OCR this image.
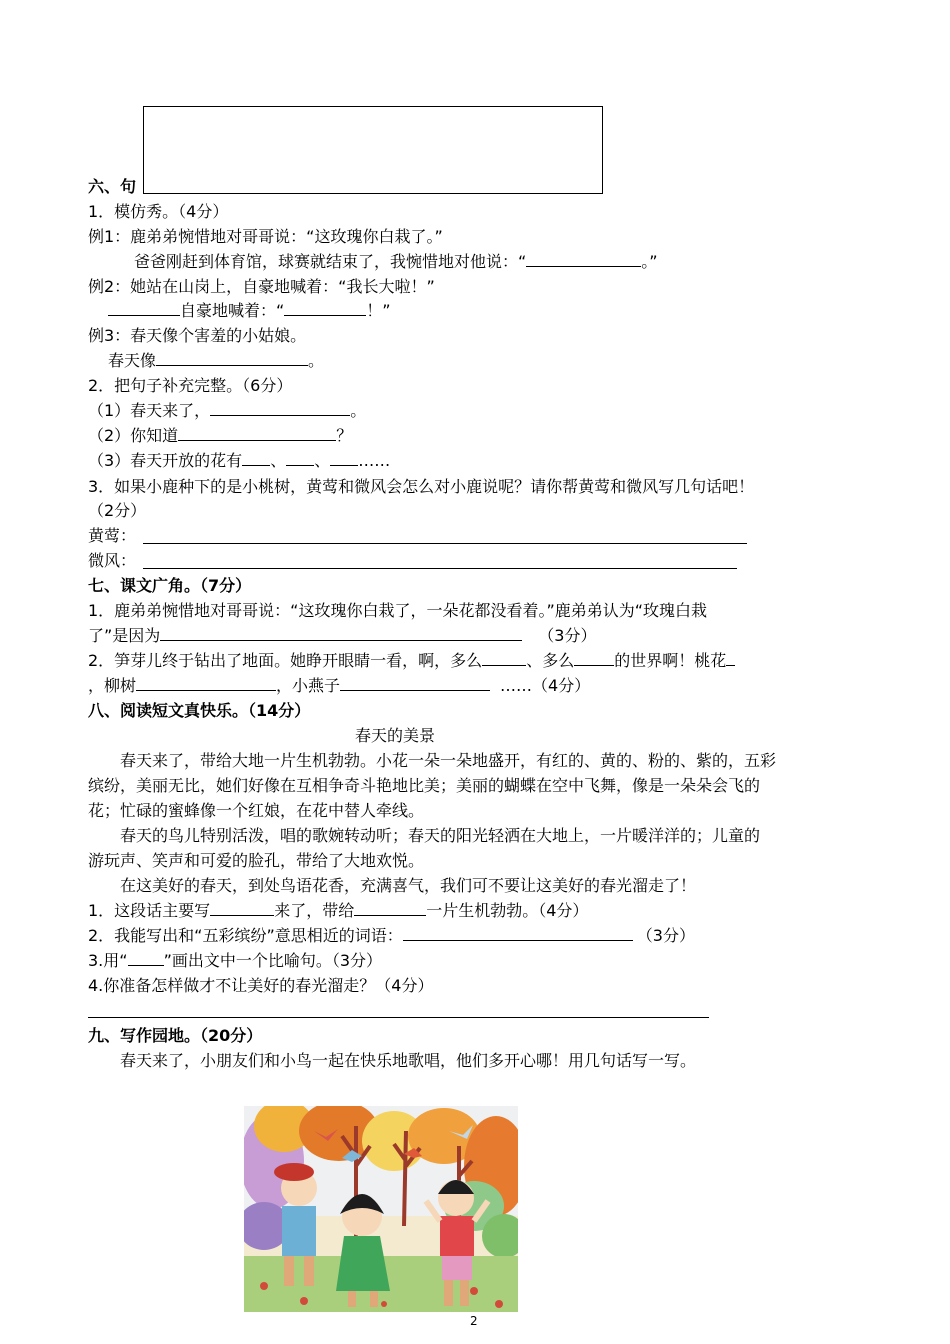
六、句
1．模仿秀。（4分）
例1：鹿弟弟惋惜地对哥哥说：“这玫瑰你白栽了。”
爸爸刚赶到体育馆，球赛就结束了，我惋惜地对他说：“	。”
例2：她站在山岗上，自豪地喊着：“我长大啦！”
自豪地喊着：“	！”
例3：春天像个害羞的小姑娘。
春天像	。
2．把句子补充完整。（6分）
（1）春天来了，	。
（2）你知道	？
（3）春天开放的花有 、 、 ……
3．如果小鹿种下的是小桃树，黄莺和微风会怎么对小鹿说呢？请你帮黄莺和微风写几句话吧！
（2分）
黄莺：
微风：
七、课文广角。（7分）
1．鹿弟弟惋惜地对哥哥说：“这玫瑰你白栽了，一朵花都没看着。”鹿弟弟认为“玫瑰白栽
了”是因为	（3分）
2．笋芽儿终于钻出了地面。她睁开眼睛一看，啊，多么	、多么	的世界啊！桃花
，柳树	，小燕子	……（4分）
八、阅读短文真快乐。（14分）
春天的美景
春天来了，带给大地一片生机勃勃。小花一朵一朵地盛开，有红的、黄的、粉的、紫的，五彩
缤纷，美丽无比，她们好像在互相争奇斗艳地比美；美丽的蝴蝶在空中飞舞，像是一朵朵会飞的
花；忙碌的蜜蜂像一个红娘，在花中替人牵线。
春天的鸟儿特别活泼，唱的歌婉转动听；春天的阳光轻洒在大地上，一片暖洋洋的；儿童的
游玩声、笑声和可爱的脸孔，带给了大地欢悦。
在这美好的春天，到处鸟语花香，充满喜气，我们可不要让这美好的春光溜走了！
1．这段话主要写	来了，带给	一片生机勃勃。（4分）
2．我能写出和“五彩缤纷”意思相近的词语：	（3分）
3.用“ ”画出文中一个比喻句。（3分）
4.你准备怎样做才不让美好的春光溜走？（4分）
九、写作园地。（20分）
春天来了，小朋友们和小鸟一起在快乐地歌唱，他们多开心哪！用几句话写一写。
2
